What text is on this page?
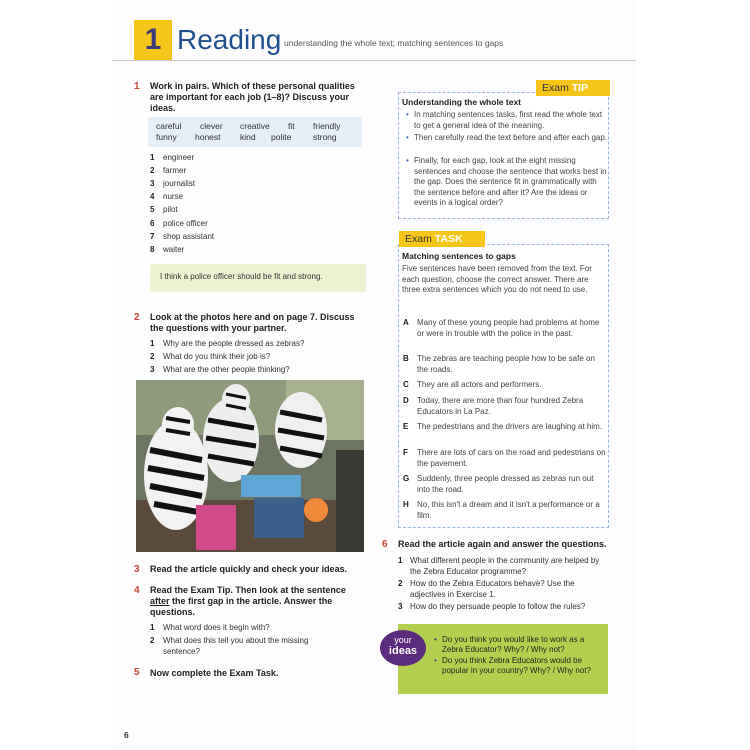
1 Reading understanding the whole text; matching sentences to gaps
1 Work in pairs. Which of these personal qualities are important for each job (1–8)? Discuss your ideas.
careful clever creative fit friendly
funny honest kind polite	strong
1 engineer
2 farmer
3 journalist
4 nurse
5 pilot
6 police officer
7 shop assistant
8 waiter
I think a police officer should be fit and strong.
2 Look at the photos here and on page 7. Discuss the questions with your partner.
1 Why are the people dressed as zebras?
2 What do you think their job is?
3 What are the other people thinking?
3 Read the article quickly and check your ideas.
4 Read the Exam Tip. Then look at the sentence after the first gap in the article. Answer the questions.
1 What word does it begin with?
2 What does this tell you about the missing sentence?
5 Now complete the Exam Task.
Exam TIP
Understanding the whole text
• In matching sentences tasks, first read the whole text to get a general idea of the meaning.
• Then carefully read the text before and after each gap.
• Finally, for each gap, look at the eight missing sentences and choose the sentence that works best in the gap. Does the sentence fit in grammatically with the sentence before and after it? Are the ideas or events in a logical order?
Exam TASK
Matching sentences to gaps
Five sentences have been removed from the text. For each question, choose the correct answer. There are three extra sentences which you do not need to use.
A Many of these young people had problems at home or were in trouble with the police in the past.
B The zebras are teaching people how to be safe on the roads.
C They are all actors and performers.
D Today, there are more than four hundred Zebra Educators in La Paz.
E The pedestrians and the drivers are laughing at him.
F There are lots of cars on the road and pedestrians on the pavement.
G Suddenly, three people dressed as zebras run out into the road.
H No, this isn't a dream and it isn't a performance or a film.
6 Read the article again and answer the questions.
1 What different people in the community are helped by the Zebra Educator programme?
2 How do the Zebra Educators behave? Use the adjectives in Exercise 1.
3 How do they persuade people to follow the rules?
your
ideas
• Do you think you would like to work as a Zebra Educator? Why? / Why not?
• Do you think Zebra Educators would be popular in your country? Why? / Why not?
6
